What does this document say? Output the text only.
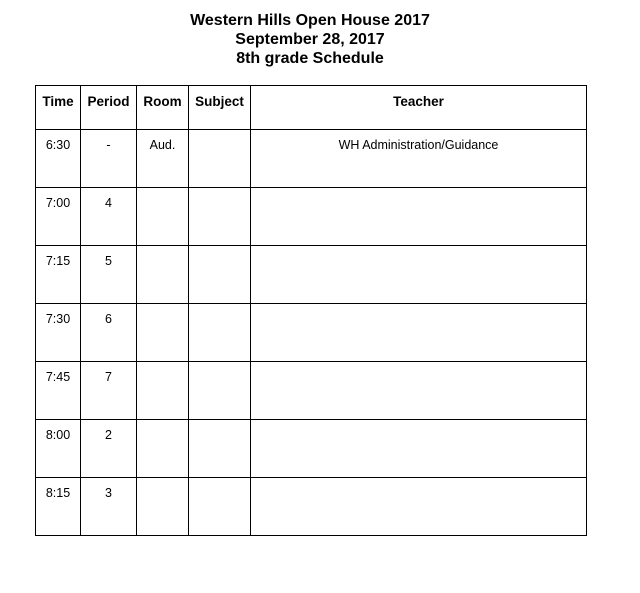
Western Hills Open House 2017
September 28, 2017
8th grade Schedule
Time	Period	Room	Subject	Teacher
6:30	-	Aud.		WH Administration/Guidance
7:00	4			
7:15	5			
7:30	6			
7:45	7			
8:00	2			
8:15	3			
